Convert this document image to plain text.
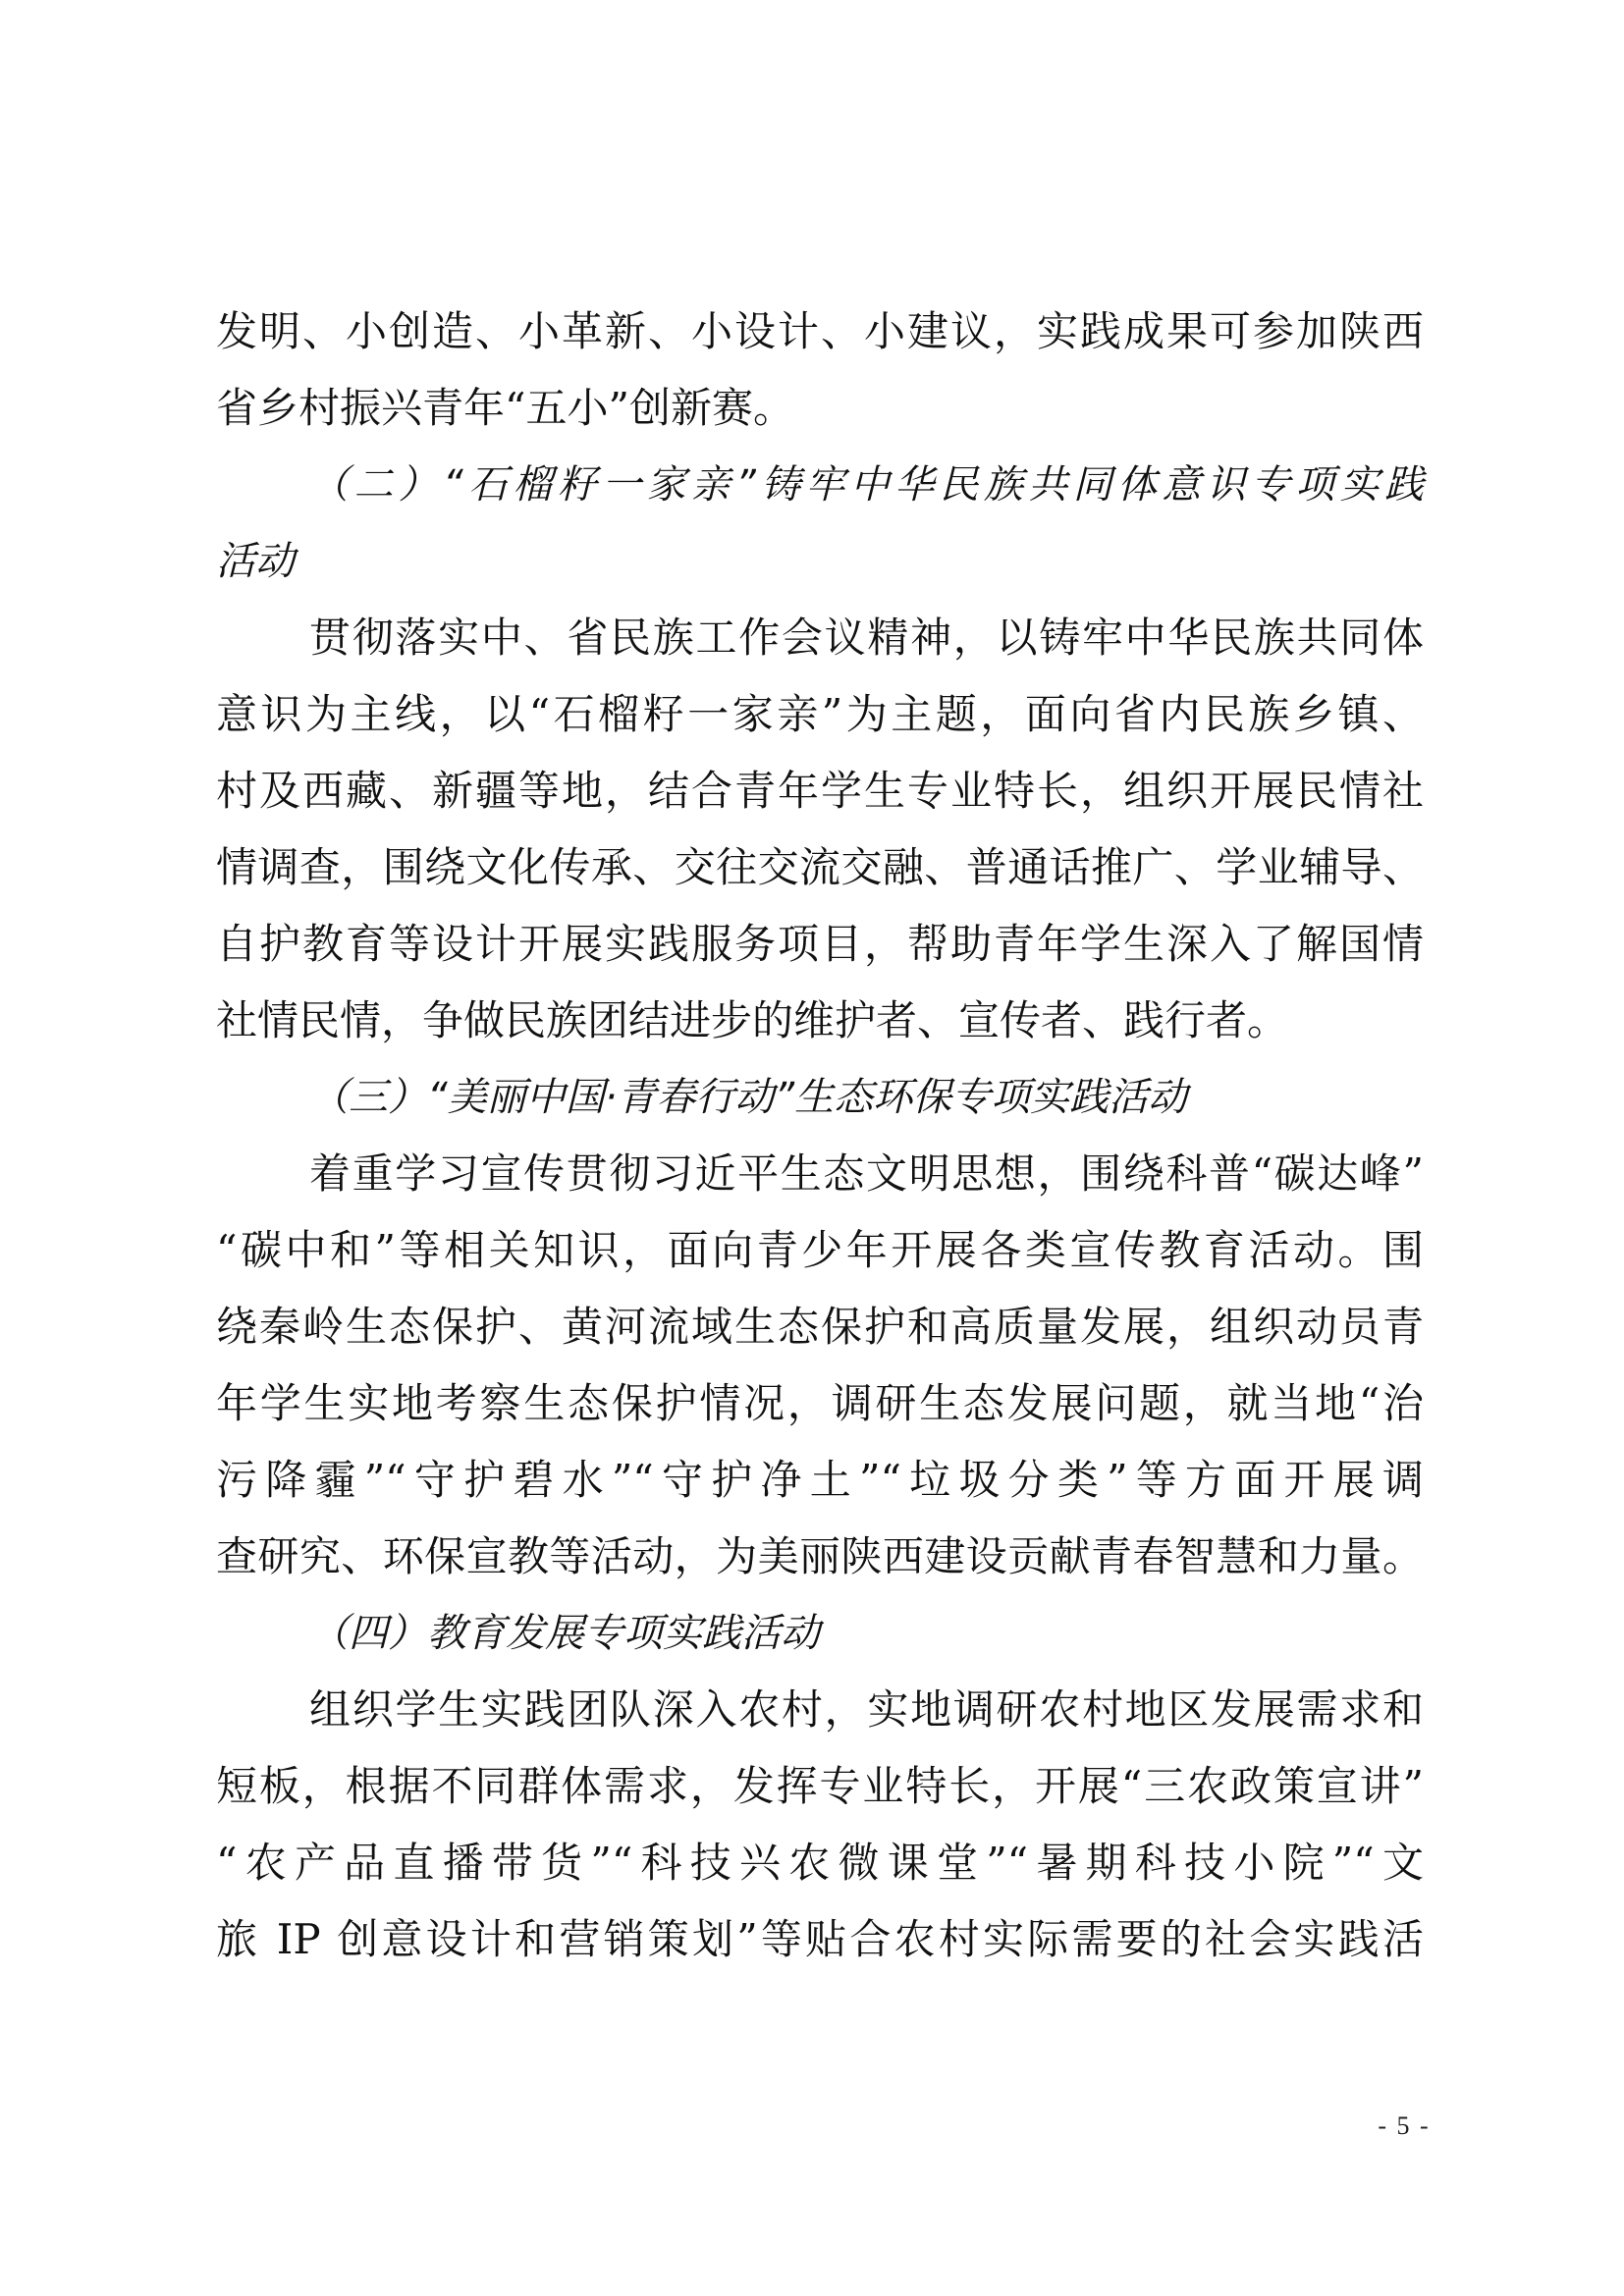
发明、小创造、小革新、小设计、小建议，实践成果可参加陕西
省乡村振兴青年“五小”创新赛。
（二）“石榴籽一家亲”铸牢中华民族共同体意识专项实践
活动
贯彻落实中、省民族工作会议精神，以铸牢中华民族共同体
意识为主线，以“石榴籽一家亲”为主题，面向省内民族乡镇、
村及西藏、新疆等地，结合青年学生专业特长，组织开展民情社
情调查，围绕文化传承、交往交流交融、普通话推广、学业辅导、
自护教育等设计开展实践服务项目，帮助青年学生深入了解国情
社情民情，争做民族团结进步的维护者、宣传者、践行者。
（三）“美丽中国·青春行动”生态环保专项实践活动
着重学习宣传贯彻习近平生态文明思想，围绕科普“碳达峰”
“碳中和”等相关知识，面向青少年开展各类宣传教育活动。围
绕秦岭生态保护、黄河流域生态保护和高质量发展，组织动员青
年学生实地考察生态保护情况，调研生态发展问题，就当地“治
污降霾”“守护碧水”“守护净土”“垃圾分类”等方面开展调
查研究、环保宣教等活动，为美丽陕西建设贡献青春智慧和力量。
（四）教育发展专项实践活动
组织学生实践团队深入农村，实地调研农村地区发展需求和
短板，根据不同群体需求，发挥专业特长，开展“三农政策宣讲”
“农产品直播带货”“科技兴农微课堂”“暑期科技小院”“文
旅 IP 创意设计和营销策划”等贴合农村实际需要的社会实践活
- 5 -
